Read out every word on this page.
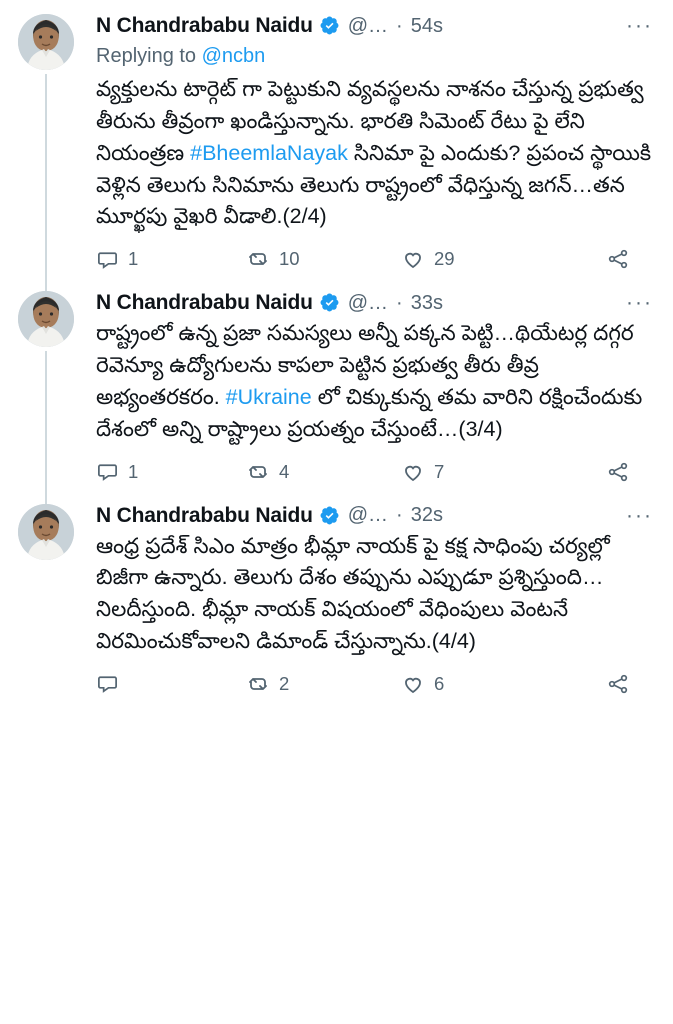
N Chandrababu Naidu @… · 54s	···
Replying to @ncbn
వ్యక్తులను టార్గెట్ గా పెట్టుకుని వ్యవస్థలను నాశనం చేస్తున్న ప్రభుత్వ తీరును తీవ్రంగా ఖండిస్తున్నాను. భారతి సిమెంట్ రేటు పై లేని నియంత్రణ #BheemlaNayak సినిమా పై ఎందుకు? ప్రపంచ స్థాయికి వెళ్లిన తెలుగు సినిమాను తెలుగు రాష్ట్రంలో వేధిస్తున్న జగన్…తన మూర్ఖపు వైఖరి వీడాలి.(2/4)
1	10	29
N Chandrababu Naidu @… · 33s	···
రాష్ట్రంలో ఉన్న ప్రజా సమస్యలు అన్నీ పక్కన పెట్టి…థియేటర్ల దగ్గర రెవెన్యూ ఉద్యోగులను కాపలా పెట్టిన ప్రభుత్వ తీరు తీవ్ర అభ్యంతరకరం. #Ukraine లో చిక్కుకున్న తమ వారిని రక్షించేందుకు దేశంలో అన్ని రాష్ట్రాలు ప్రయత్నం చేస్తుంటే…(3/4)
1	4	7
N Chandrababu Naidu @… · 32s	···
ఆంధ్ర ప్రదేశ్ సిఎం మాత్రం భీమ్లా నాయక్ పై కక్ష సాధింపు చర్యల్లో బిజీగా ఉన్నారు. తెలుగు దేశం తప్పును ఎప్పుడూ ప్రశ్నిస్తుంది…నిలదీస్తుంది. భీమ్లా నాయక్ విషయంలో వేధింపులు వెంటనే విరమించుకోవాలని డిమాండ్ చేస్తున్నాను.(4/4)
2	6
